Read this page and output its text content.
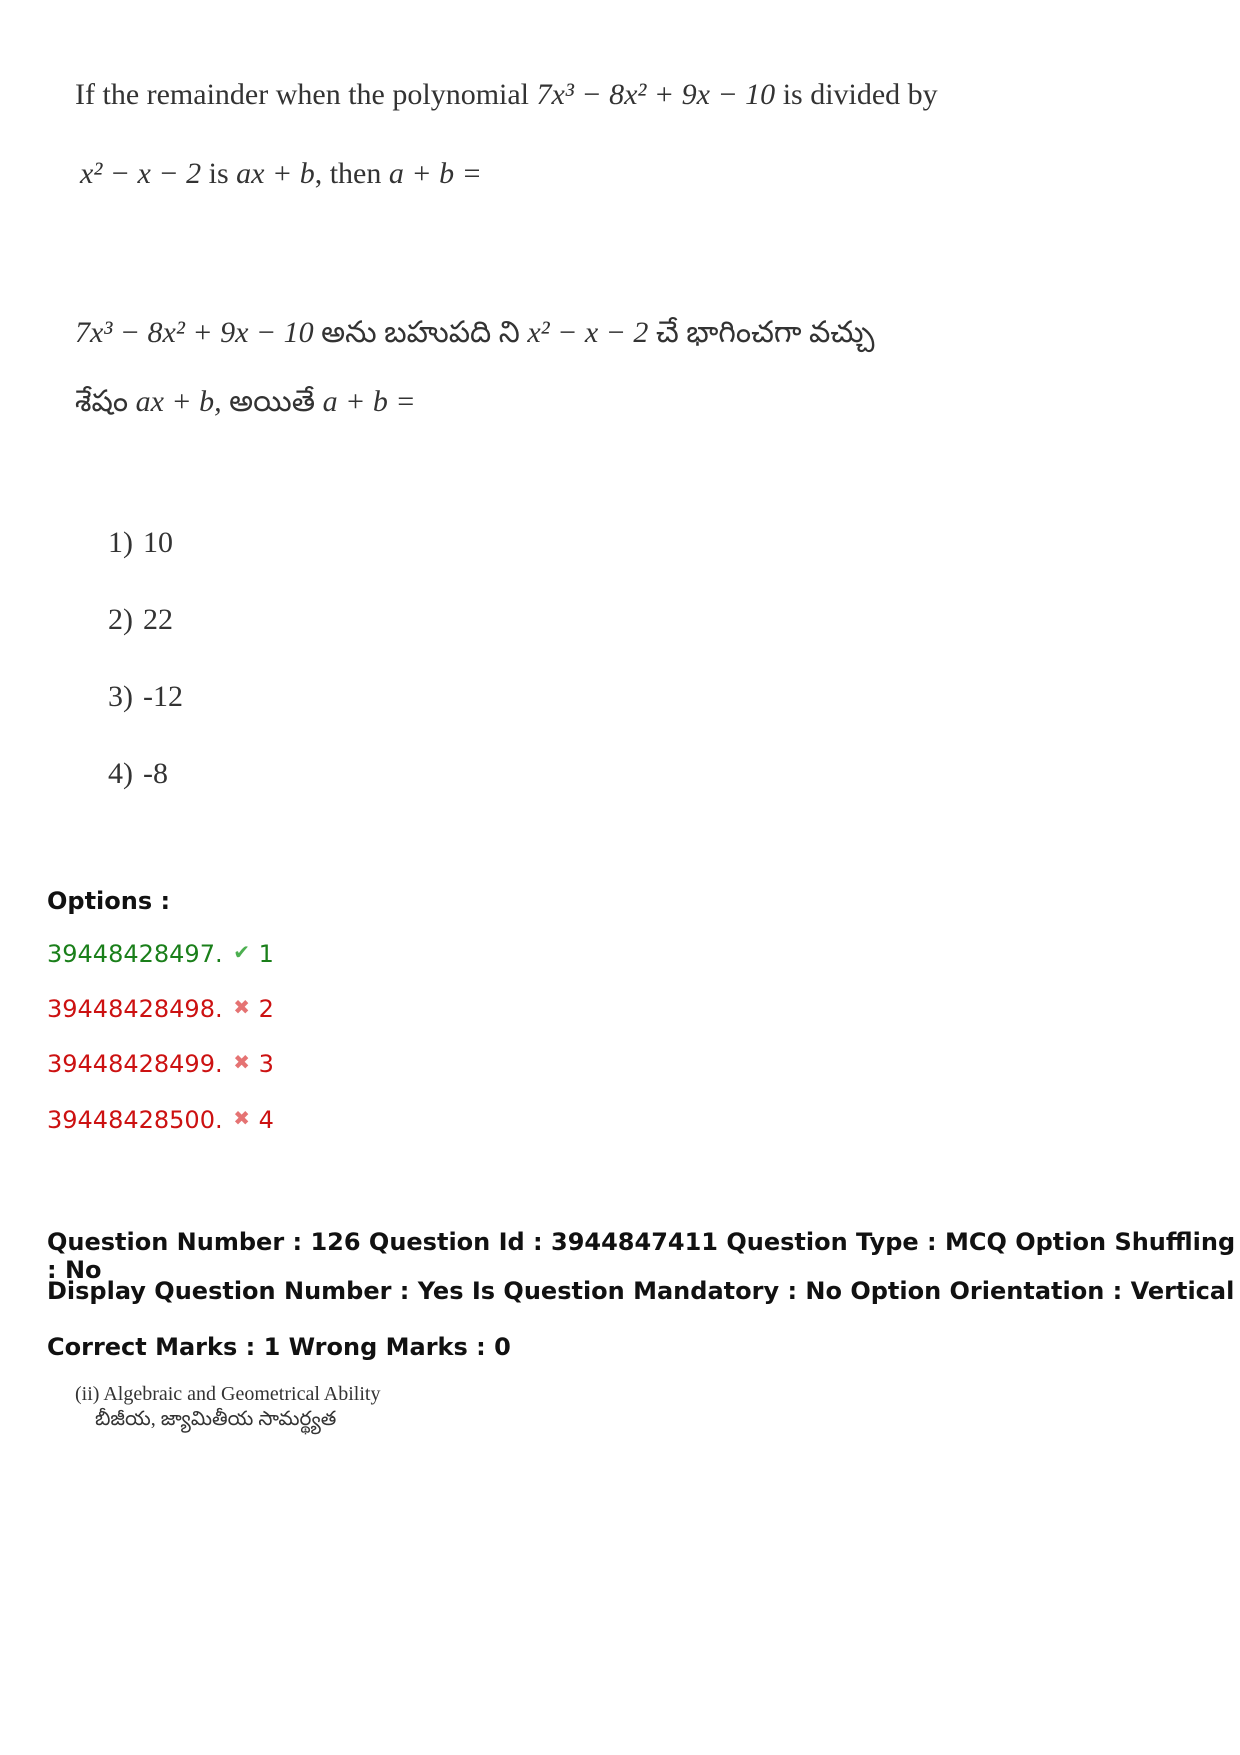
If the remainder when the polynomial 7x³ − 8x² + 9x − 10 is divided by
x² − x − 2 is ax + b, then a + b =
7x³ − 8x² + 9x − 10 అను బహుపది ని x² − x − 2 చే భాగించగా వచ్చు
శేషం ax + b, అయితే a + b =
1) 10
2) 22
3) -12
4) -8
Options :
39448428497. ✔ 1
39448428498. ✖ 2
39448428499. ✖ 3
39448428500. ✖ 4
Question Number : 126 Question Id : 3944847411 Question Type : MCQ Option Shuffling : No
Display Question Number : Yes Is Question Mandatory : No Option Orientation : Vertical
Correct Marks : 1 Wrong Marks : 0
(ii) Algebraic and Geometrical Ability
బీజీయ, జ్యామితీయ సామర్థ్యత
